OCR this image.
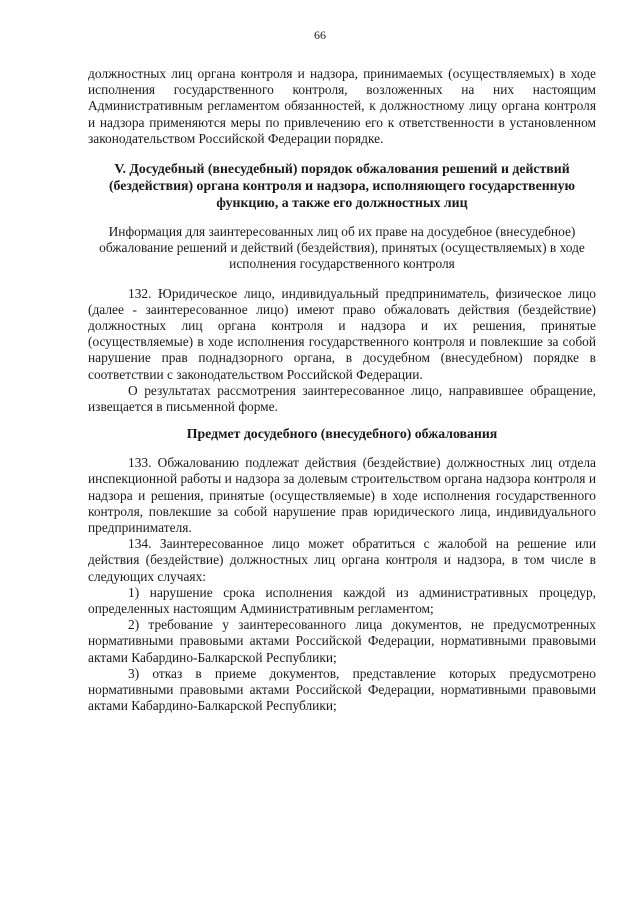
66

должностных лиц органа контроля и надзора, принимаемых (осуществляемых) в ходе исполнения государственного контроля, возложенных на них настоящим Административным регламентом обязанностей, к должностному лицу органа контроля и надзора применяются меры по привлечению его к ответственности в установленном законодательством Российской Федерации порядке.

V. Досудебный (внесудебный) порядок обжалования решений и действий (бездействия) органа контроля и надзора, исполняющего государственную функцию, а также его должностных лиц

Информация для заинтересованных лиц об их праве на досудебное (внесудебное) обжалование решений и действий (бездействия), принятых (осуществляемых) в ходе исполнения государственного контроля

132. Юридическое лицо, индивидуальный предприниматель, физическое лицо (далее - заинтересованное лицо) имеют право обжаловать действия (бездействие) должностных лиц органа контроля и надзора и их решения, принятые (осуществляемые) в ходе исполнения государственного контроля и повлекшие за собой нарушение прав поднадзорного органа, в досудебном (внесудебном) порядке в соответствии с законодательством Российской Федерации.

О результатах рассмотрения заинтересованное лицо, направившее обращение, извещается в письменной форме.

Предмет досудебного (внесудебного) обжалования

133. Обжалованию подлежат действия (бездействие) должностных лиц отдела инспекционной работы и надзора за долевым строительством органа надзора контроля и надзора и решения, принятые (осуществляемые) в ходе исполнения государственного контроля, повлекшие за собой нарушение прав юридического лица, индивидуального предпринимателя.

134. Заинтересованное лицо может обратиться с жалобой на решение или действия (бездействие) должностных лиц органа контроля и надзора, в том числе в следующих случаях:

1) нарушение срока исполнения каждой из административных процедур, определенных настоящим Административным регламентом;

2) требование у заинтересованного лица документов, не предусмотренных нормативными правовыми актами Российской Федерации, нормативными правовыми актами Кабардино-Балкарской Республики;

3) отказ в приеме документов, представление которых предусмотрено нормативными правовыми актами Российской Федерации, нормативными правовыми актами Кабардино-Балкарской Республики;
